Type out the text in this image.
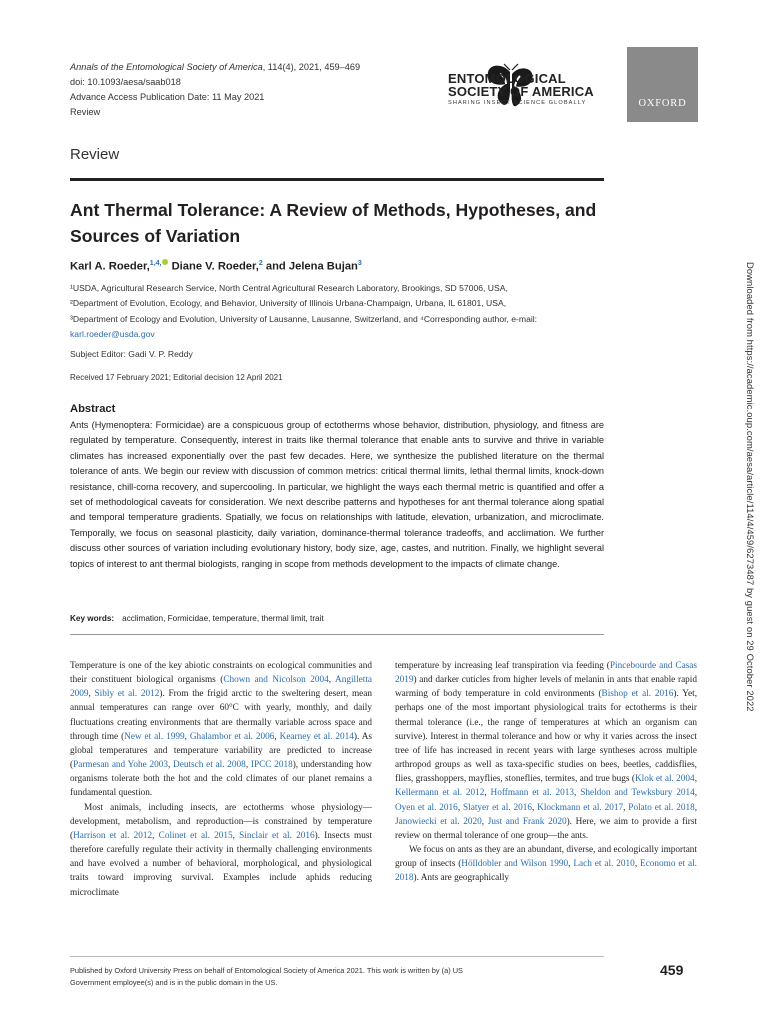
Annals of the Entomological Society of America, 114(4), 2021, 459–469
doi: 10.1093/aesa/saab018
Advance Access Publication Date: 11 May 2021
Review
ENTOMOLOGICAL
SOCIETY OF AMERICA
SHARING INSECT SCIENCE GLOBALLY	OXFORD
Review
Ant Thermal Tolerance: A Review of Methods, Hypotheses, and Sources of Variation
Karl A. Roeder,$^{1,4,}$ Diane V. Roeder,$^2$ and Jelena Bujan$^3$

¹USDA, Agricultural Research Service, North Central Agricultural Research Laboratory, Brookings, SD 57006, USA,

²Department of Evolution, Ecology, and Behavior, University of Illinois Urbana-Champaign, Urbana, IL 61801, USA,

³Department of Ecology and Evolution, University of Lausanne, Lausanne, Switzerland, and ⁴Corresponding author, e-mail: karl.roeder@usda.gov

Subject Editor: Gadi V. P. Reddy
Received 17 February 2021; Editorial decision 12 April 2021
Abstract
Ants (Hymenoptera: Formicidae) are a conspicuous group of ectotherms whose behavior, distribution, physiology, and fitness are regulated by temperature. Consequently, interest in traits like thermal tolerance that enable ants to survive and thrive in variable climates has increased exponentially over the past few decades. Here, we synthesize the published literature on the thermal tolerance of ants. We begin our review with discussion of common metrics: critical thermal limits, lethal thermal limits, knock-down resistance, chill-coma recovery, and supercooling. In particular, we highlight the ways each thermal metric is quantified and offer a set of methodological caveats for consideration. We next describe patterns and hypotheses for ant thermal tolerance along spatial and temporal temperature gradients. Spatially, we focus on relationships with latitude, elevation, urbanization, and microclimate. Temporally, we focus on seasonal plasticity, daily variation, dominance-thermal tolerance tradeoffs, and acclimation. We further discuss other sources of variation including evolutionary history, body size, age, castes, and nutrition. Finally, we highlight several topics of interest to ant thermal biologists, ranging in scope from methods development to the impacts of climate change.
Key words: acclimation, Formicidae, temperature, thermal limit, trait

Temperature is one of the key abiotic constraints on ecological communities and their constituent biological organisms (Chown and Nicolson 2004, Angilletta 2009, Sibly et al. 2012). From the frigid arctic to the sweltering desert, mean annual temperatures can range over 60°C with yearly, monthly, and daily fluctuations creating environments that are thermally variable across space and through time (New et al. 1999, Ghalambor et al. 2006, Kearney et al. 2014). As global temperatures and temperature variability are predicted to increase (Parmesan and Yohe 2003, Deutsch et al. 2008, IPCC 2018), understanding how organisms tolerate both the hot and the cold climates of our planet remains a fundamental question.

Most animals, including insects, are ectotherms whose physiology—development, metabolism, and reproduction—is constrained by temperature (Harrison et al. 2012, Colinet et al. 2015, Sinclair et al. 2016). Insects must therefore carefully regulate their activity in thermally challenging environments and have evolved a number of behavioral, morphological, and physiological traits toward improving survival. Examples include aphids reducing microclimate

temperature by increasing leaf transpiration via feeding (Pincebourde and Casas 2019) and darker cuticles from higher levels of melanin in ants that enable rapid warming of body temperature in cold environments (Bishop et al. 2016). Yet, perhaps one of the most important physiological traits for ectotherms is their thermal tolerance (i.e., the range of temperatures at which an organism can survive). Interest in thermal tolerance and how or why it varies across the insect tree of life has increased in recent years with large syntheses across multiple arthropod groups as well as taxa-specific studies on bees, beetles, caddisflies, flies, grasshoppers, mayflies, stoneflies, termites, and true bugs (Klok et al. 2004, Kellermann et al. 2012, Hoffmann et al. 2013, Sheldon and Tewksbury 2014, Oyen et al. 2016, Slatyer et al. 2016, Klockmann et al. 2017, Polato et al. 2018, Janowiecki et al. 2020, Just and Frank 2020). Here, we aim to provide a first review on thermal tolerance of one group—the ants.

We focus on ants as they are an abundant, diverse, and ecologically important group of insects (Hölldobler and Wilson 1990, Lach et al. 2010, Economo et al. 2018). Ants are geographically

Published by Oxford University Press on behalf of Entomological Society of America 2021. This work is written by (a) US Government employee(s) and is in the public domain in the US.
459
Downloaded from https://academic.oup.com/aesa/article/114/4/459/6273487 by guest on 29 October 2022
